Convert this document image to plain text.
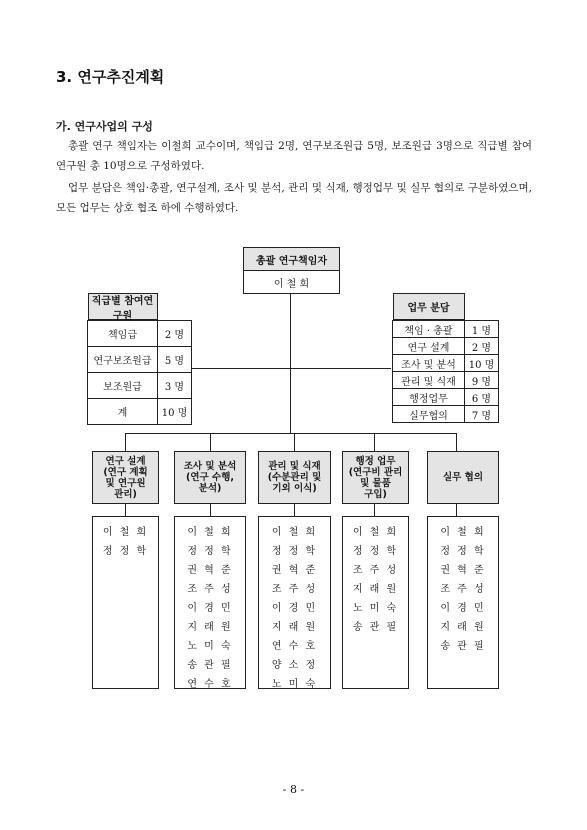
3. 연구추진계획
가. 연구사업의 구성
총괄 연구 책임자는 이철희 교수이며, 책임급 2명, 연구보조원급 5명, 보조원급 3명으로 직급별 참여연구원 총 10명으로 구성하였다.
업무 분담은 책임·총괄, 연구설계, 조사 및 분석, 관리 및 식재, 행정업무 및 실무 협의로 구분하였으며, 모든 업무는 상호 협조 하에 수행하였다.
총괄 연구책임자
이 철 희
직급별 참여연구원

책임급	2 명
연구보조원급	5 명
보조원급	3 명
계	10 명
업무 분담

책임 · 총괄	1 명
연구 설계	2 명
조사 및 분석	10 명
관리 및 식재	9 명
행정업무	6 명
실무협의	7 명
연구 설계
(연구 계획
및 연구원
관리)
조사 및 분석
(연구 수행,
분석)
관리 및 식재
(수분관리 및
기외 이식)
행정 업무
(연구비 관리
및 물품
구입)
실무 협의
이 철 희
정 정 학
이 철 희
정 정 학
권 혁 준
조 주 성
이 경 민
지 래 원
노 미 숙
송 관 필
연 수 호
이 철 희
정 정 학
권 혁 준
조 주 성
이 경 민
지 래 원
연 수 호
양 소 정
노 미 숙
이 철 희
정 정 학
조 주 성
지 래 원
노 미 숙
송 관 필
이 철 희
정 정 학
권 혁 준
조 주 성
이 경 민
지 래 원
송 관 필
- 8 -
